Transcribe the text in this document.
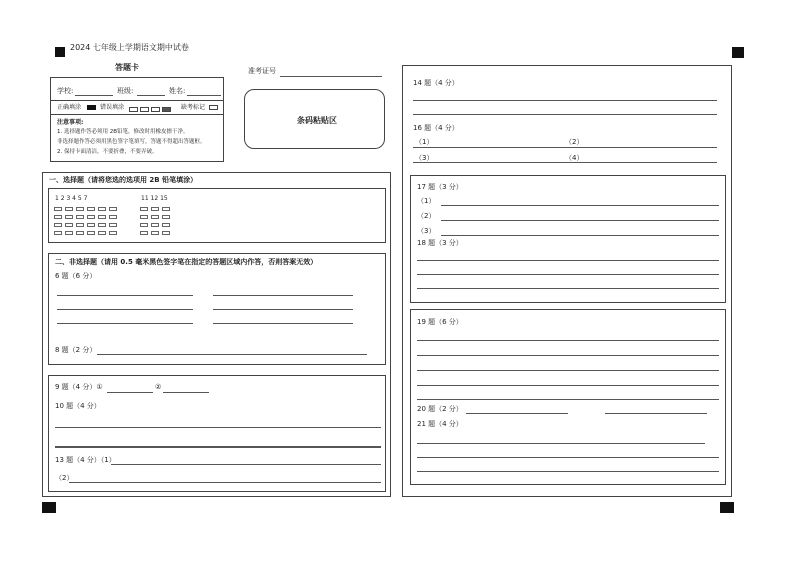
2024 七年级上学期语文期中试卷
答题卡
学校:	班级:	姓名:
正确填涂	错误填涂	缺考标记
注意事项:
1. 选择题作答必须用 2B铅笔，修改时用橡皮擦干净。
非选择题作答必须用黑色签字笔填写，答题不得超出答题框。
2. 保持卡面清洁，不要折叠，不要弄破。
准考证号
条码粘贴区
一、选择题（请将您选的选项用 2B 铅笔填涂）
1 2 3 4 5 7	11 12 15
二、非选择题（请用 0.5 毫米黑色签字笔在指定的答题区域内作答，否则答案无效）
6 题（6 分）
8 题（2 分）
9 题（4 分）①	②
10 题（4 分）
13 题（4 分）（1）
（2）
14 题（4 分）
16 题（4 分）
（1）	（2）
（3）	（4）
17 题（3 分）
（1）
（2）
（3）
18 题（3 分）
19 题（6 分）
20 题（2 分）
21 题（4 分）
